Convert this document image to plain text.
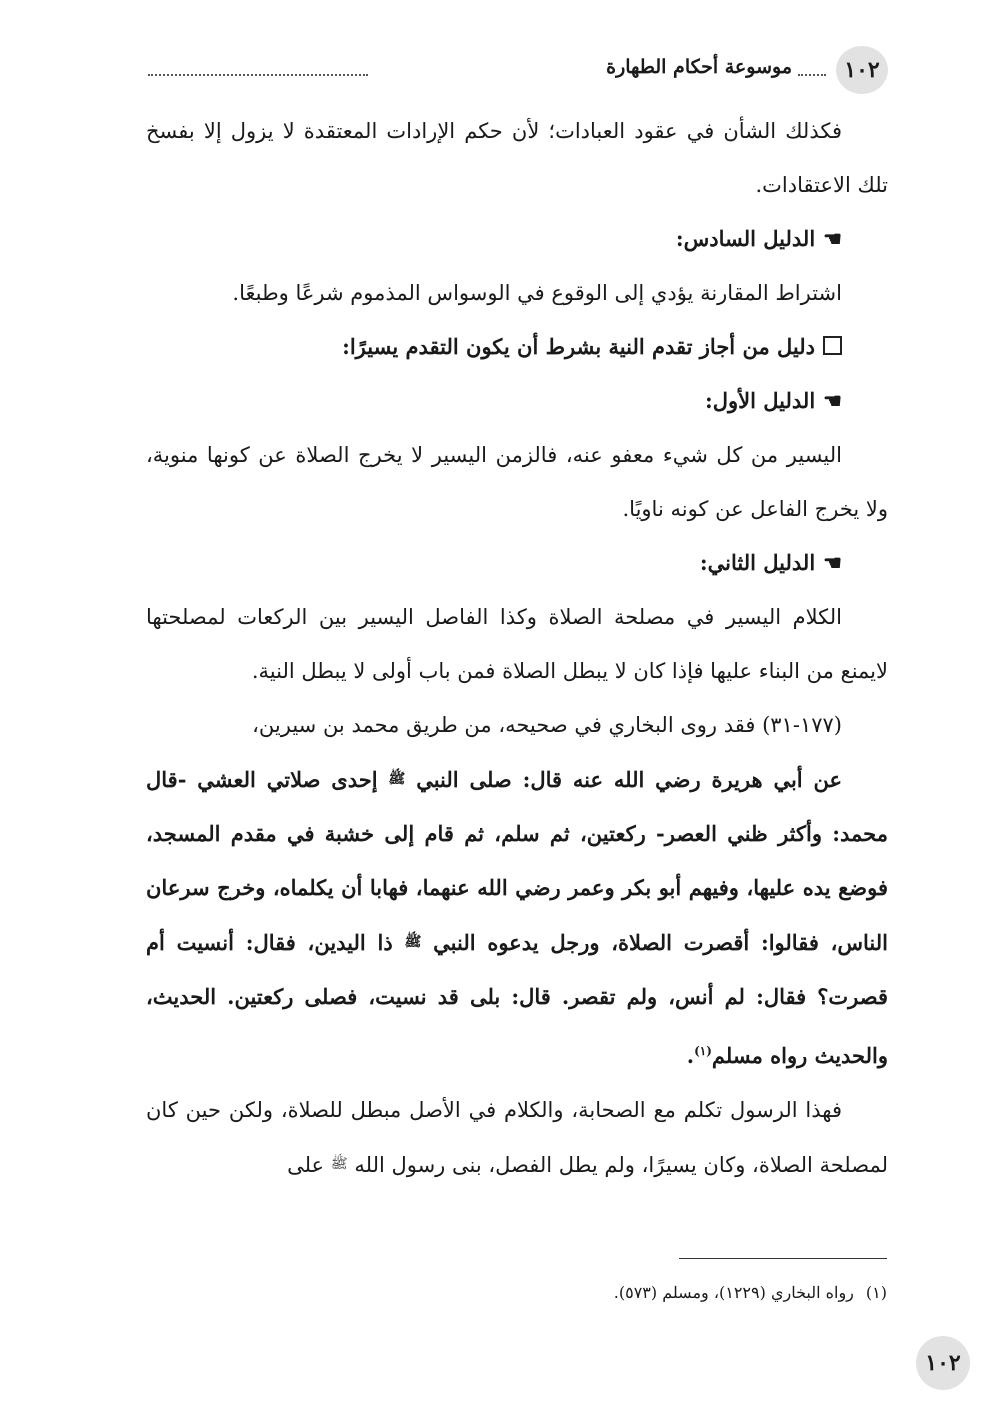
موسوعة أحكام الطهارة	١٠٢

فكذلك الشأن في عقود العبادات؛ لأن حكم الإرادات المعتقدة لا يزول إلا بفسخ تلك الاعتقادات.

☚الدليل السادس:

اشتراط المقارنة يؤدي إلى الوقوع في الوسواس المذموم شرعًا وطبعًا.

دليل من أجاز تقدم النية بشرط أن يكون التقدم يسيرًا:
☚الدليل الأول:

اليسير من كل شيء معفو عنه، فالزمن اليسير لا يخرج الصلاة عن كونها منوية، ولا يخرج الفاعل عن كونه ناويًا.

☚الدليل الثاني:

الكلام اليسير في مصلحة الصلاة وكذا الفاصل اليسير بين الركعات لمصلحتها لايمنع من البناء عليها فإذا كان لا يبطل الصلاة فمن باب أولى لا يبطل النية.

(١٧٧-٣١) فقد روى البخاري في صحيحه، من طريق محمد بن سيرين،

عن أبي هريرة رضي الله عنه قال: صلى النبي ﷺ إحدى صلاتي العشي -قال محمد: وأكثر ظني العصر- ركعتين، ثم سلم، ثم قام إلى خشبة في مقدم المسجد، فوضع يده عليها، وفيهم أبو بكر وعمر رضي الله عنهما، فهابا أن يكلماه، وخرج سرعان الناس، فقالوا: أقصرت الصلاة، ورجل يدعوه النبي ﷺ ذا اليدين، فقال: أنسيت أم قصرت؟ فقال: لم أنس، ولم تقصر. قال: بلى قد نسيت، فصلى ركعتين. الحديث، والحديث رواه مسلم$^{(١)}$.

فهذا الرسول تكلم مع الصحابة، والكلام في الأصل مبطل للصلاة، ولكن حين كان لمصلحة الصلاة، وكان يسيرًا، ولم يطل الفصل، بنى رسول الله ﷺ على

(١)رواه البخاري (١٢٢٩)، ومسلم (٥٧٣).
١٠٢
